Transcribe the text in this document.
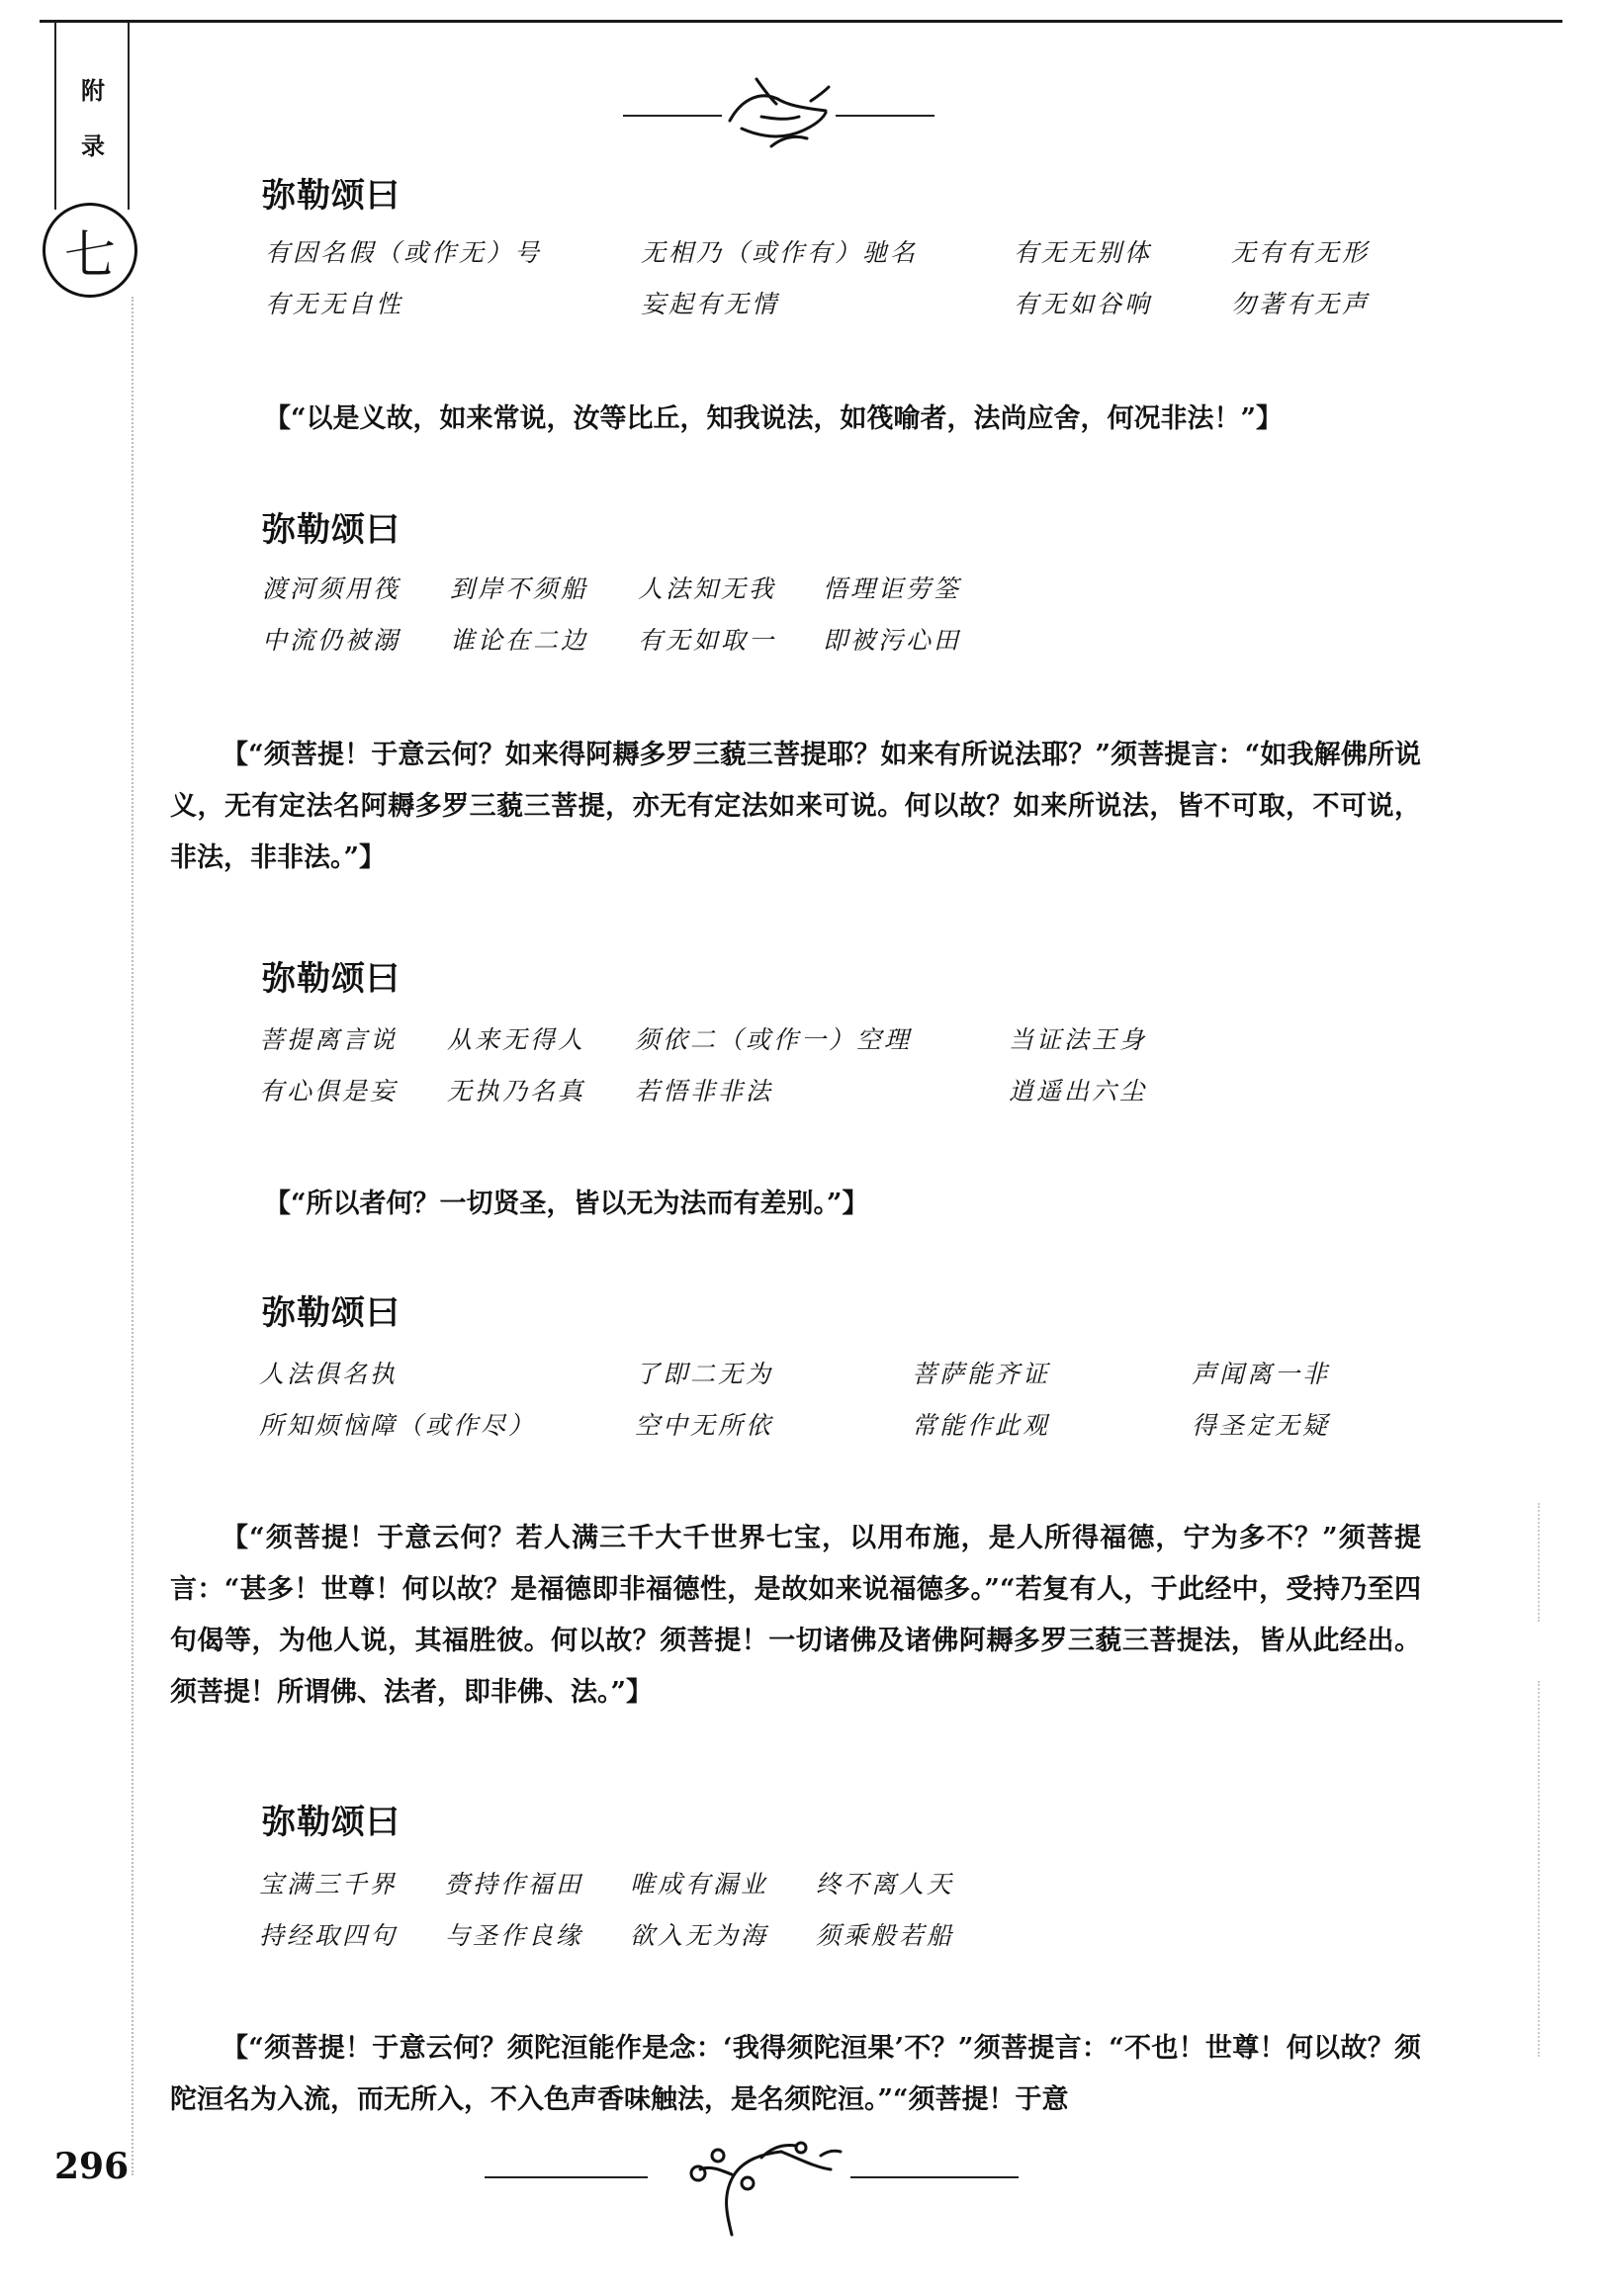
附
录
七
弥勒颂曰
有因名假（或作无）号	无相乃（或作有）驰名	有无无别体	无有有无形
有无无自性	妄起有无情	有无如谷响	勿著有无声
【“以是义故，如来常说，汝等比丘，知我说法，如筏喻者，法尚应舍，何况非法！”】
弥勒颂曰
渡河须用筏 到岸不须船 人法知无我 悟理讵劳筌
中流仍被溺 谁论在二边 有无如取一 即被污心田
【“须菩提！于意云何？如来得阿耨多罗三藐三菩提耶？如来有所说法耶？”须菩提言：“如我解佛所说义，无有定法名阿耨多罗三藐三菩提，亦无有定法如来可说。何以故？如来所说法，皆不可取，不可说，非法，非非法。”】
弥勒颂曰
菩提离言说 从来无得人 须依二（或作一）空理	当证法王身
有心俱是妄 无执乃名真 若悟非非法	逍遥出六尘
【“所以者何？一切贤圣，皆以无为法而有差别。”】
弥勒颂曰
人法俱名执	了即二无为	菩萨能齐证	声闻离一非
所知烦恼障（或作尽）	空中无所依	常能作此观	得圣定无疑
【“须菩提！于意云何？若人满三千大千世界七宝，以用布施，是人所得福德，宁为多不？”须菩提言：“甚多！世尊！何以故？是福德即非福德性，是故如来说福德多。”“若复有人，于此经中，受持乃至四句偈等，为他人说，其福胜彼。何以故？须菩提！一切诸佛及诸佛阿耨多罗三藐三菩提法，皆从此经出。须菩提！所谓佛、法者，即非佛、法。”】
弥勒颂曰
宝满三千界 赍持作福田 唯成有漏业 终不离人天
持经取四句 与圣作良缘 欲入无为海 须乘般若船
【“须菩提！于意云何？须陀洹能作是念：‘我得须陀洹果’不？”须菩提言：“不也！世尊！何以故？须陀洹名为入流，而无所入，不入色声香味触法，是名须陀洹。”“须菩提！于意
296
